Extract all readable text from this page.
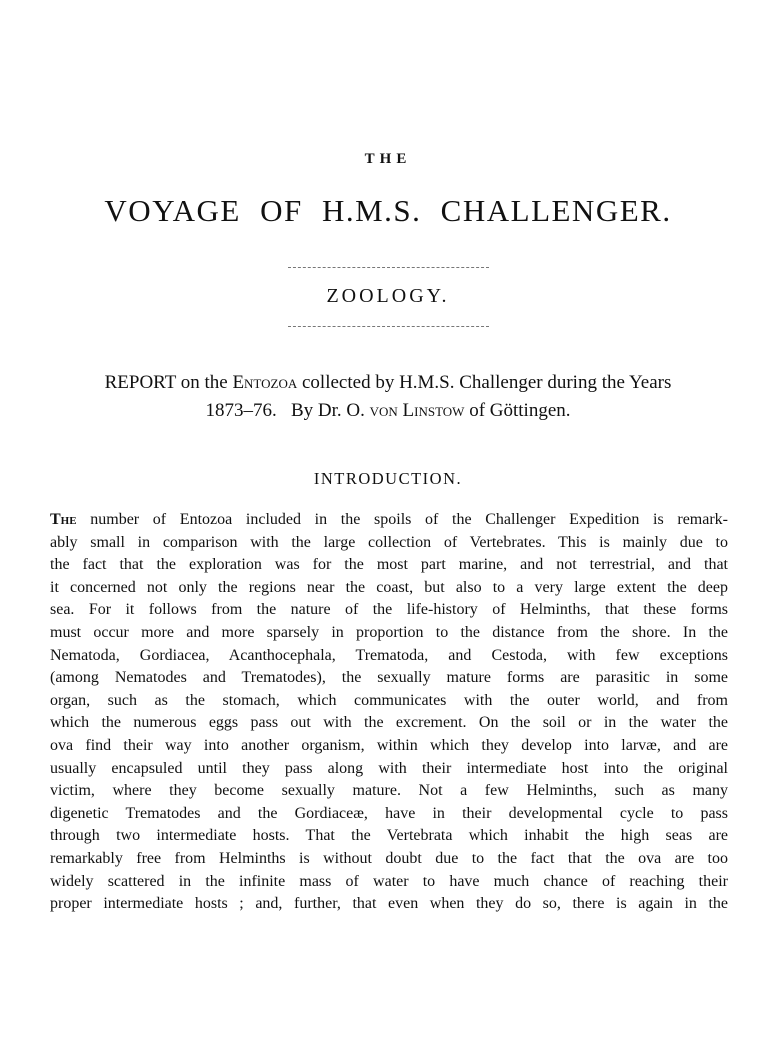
THE
VOYAGE OF H.M.S. CHALLENGER.
ZOOLOGY.
REPORT on the Entozoa collected by H.M.S. Challenger during the Years
1873–76.   By Dr. O. von Linstow of Göttingen.
INTRODUCTION.
The number of Entozoa included in the spoils of the Challenger Expedition is remark-
ably small in comparison with the large collection of Vertebrates. This is mainly due to
the fact that the exploration was for the most part marine, and not terrestrial, and that
it concerned not only the regions near the coast, but also to a very large extent the deep
sea. For it follows from the nature of the life-history of Helminths, that these forms
must occur more and more sparsely in proportion to the distance from the shore. In the
Nematoda, Gordiacea, Acanthocephala, Trematoda, and Cestoda, with few exceptions
(among Nematodes and Trematodes), the sexually mature forms are parasitic in some
organ, such as the stomach, which communicates with the outer world, and from
which the numerous eggs pass out with the excrement. On the soil or in the water the
ova find their way into another organism, within which they develop into larvæ, and are
usually encapsuled until they pass along with their intermediate host into the original
victim, where they become sexually mature. Not a few Helminths, such as many
digenetic Trematodes and the Gordiaceæ, have in their developmental cycle to pass
through two intermediate hosts. That the Vertebrata which inhabit the high seas are
remarkably free from Helminths is without doubt due to the fact that the ova are too
widely scattered in the infinite mass of water to have much chance of reaching their
proper intermediate hosts ; and, further, that even when they do so, there is again in the
